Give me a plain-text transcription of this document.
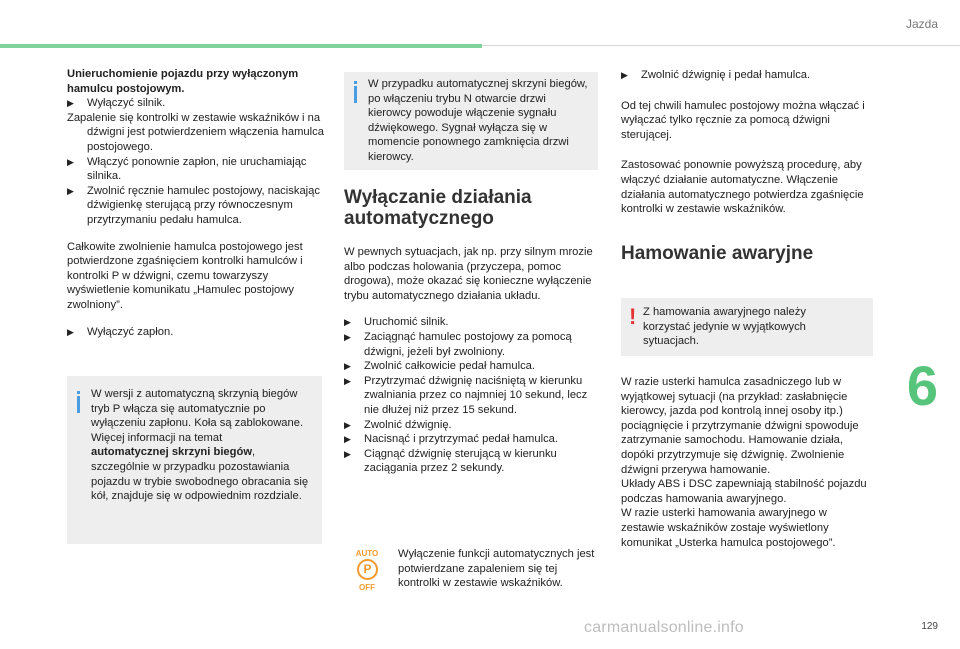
Jazda
6
129

Unieruchomienie pojazdu przy wyłączonym hamulcu postojowym.

▶ Wyłączyć silnik.

Zapalenie się kontrolki w zestawie wskaźników i na dźwigni jest potwierdzeniem włączenia hamulca postojowego.

▶ Włączyć ponownie zapłon, nie uruchamiając silnika.
▶ Zwolnić ręcznie hamulec postojowy, naciskając dźwigienkę sterującą przy równoczesnym przytrzymaniu pedału hamulca.

Całkowite zwolnienie hamulca postojowego jest potwierdzone zgaśnięciem kontrolki hamulców i kontrolki P w dźwigni, czemu towarzyszy wyświetlenie komunikatu „Hamulec postojowy zwolniony”.

▶ Wyłączyć zapłon.

W wersji z automatyczną skrzynią biegów tryb P włącza się automatycznie po wyłączeniu zapłonu. Koła są zablokowane.

Więcej informacji na temat
automatycznej skrzyni biegów, szczególnie w przypadku pozostawiania pojazdu w trybie swobodnego obracania się kół, znajduje się w odpowiednim rozdziale.

W przypadku automatycznej skrzyni biegów, po włączeniu trybu N otwarcie drzwi kierowcy powoduje włączenie sygnału dźwiękowego. Sygnał wyłącza się w momencie ponownego zamknięcia drzwi kierowcy.

Wyłączanie działania
automatycznego

W pewnych sytuacjach, jak np. przy silnym mrozie albo podczas holowania (przyczepa, pomoc drogowa), może okazać się konieczne wyłączenie trybu automatycznego działania układu.

▶ Uruchomić silnik.
▶ Zaciągnąć hamulec postojowy za pomocą dźwigni, jeżeli był zwolniony.
▶ Zwolnić całkowicie pedał hamulca.
▶ Przytrzymać dźwignię naciśniętą w kierunku zwalniania przez co najmniej 10 sekund, lecz nie dłużej niż przez 15 sekund.
▶ Zwolnić dźwignię.
▶ Nacisnąć i przytrzymać pedał hamulca.
▶ Ciągnąć dźwignię sterującą w kierunku zaciągania przez 2 sekundy.
AUTO
P
OFF

Wyłączenie funkcji automatycznych jest potwierdzane zapaleniem się tej kontrolki w zestawie wskaźników.

▶ Zwolnić dźwignię i pedał hamulca.

Od tej chwili hamulec postojowy można włączać i wyłączać tylko ręcznie za pomocą dźwigni sterującej.

Zastosować ponownie powyższą procedurę, aby włączyć działanie automatyczne. Włączenie działania automatycznego potwierdza zgaśnięcie kontrolki w zestawie wskaźników.

Hamowanie awaryjne
! Z hamowania awaryjnego należy korzystać jedynie w wyjątkowych sytuacjach.

W razie usterki hamulca zasadniczego lub w wyjątkowej sytuacji (na przykład: zasłabnięcie kierowcy, jazda pod kontrolą innej osoby itp.) pociągnięcie i przytrzymanie dźwigni spowoduje zatrzymanie samochodu. Hamowanie działa, dopóki przytrzymuje się dźwignię. Zwolnienie dźwigni przerywa hamowanie.

Układy ABS i DSC zapewniają stabilność pojazdu podczas hamowania awaryjnego.

W razie usterki hamowania awaryjnego w zestawie wskaźników zostaje wyświetlony komunikat „Usterka hamulca postojowego”.

carmanualsonline.info
